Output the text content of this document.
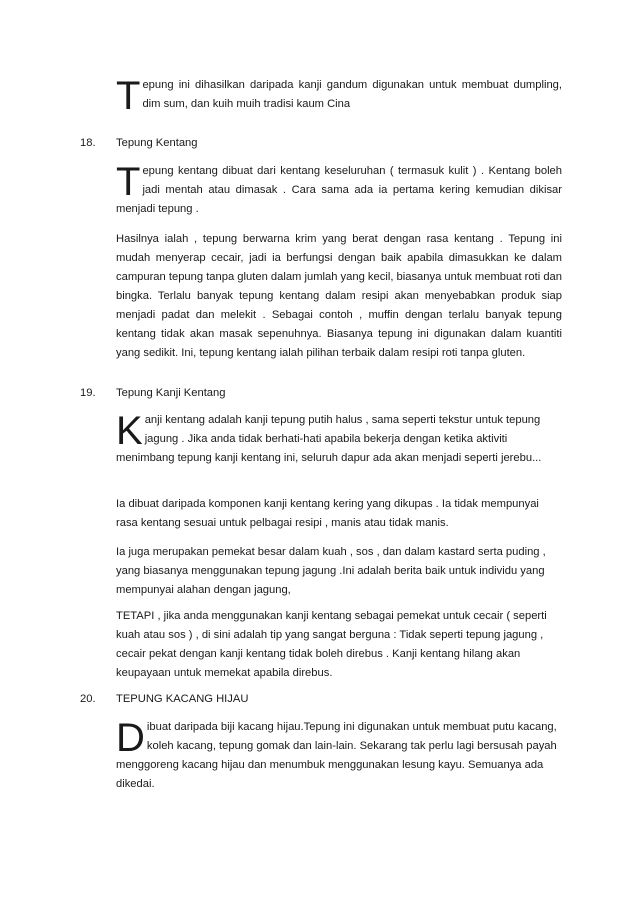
Tepung ini dihasilkan daripada kanji gandum digunakan untuk membuat dumpling, dim sum, dan kuih muih tradisi kaum Cina

18. Tepung Kentang

Tepung kentang dibuat dari kentang keseluruhan ( termasuk kulit ) . Kentang boleh jadi mentah atau dimasak . Cara sama ada ia pertama kering kemudian dikisar menjadi tepung .

Hasilnya ialah , tepung berwarna krim yang berat dengan rasa kentang . Tepung ini mudah menyerap cecair, jadi ia berfungsi dengan baik apabila dimasukkan ke dalam campuran tepung tanpa gluten dalam jumlah yang kecil, biasanya untuk membuat roti dan bingka. Terlalu banyak tepung kentang dalam resipi akan menyebabkan produk siap menjadi padat dan melekit . Sebagai contoh , muffin dengan terlalu banyak tepung kentang tidak akan masak sepenuhnya. Biasanya tepung ini digunakan dalam kuantiti yang sedikit. Ini, tepung kentang ialah pilihan terbaik dalam resipi roti tanpa gluten.

19. Tepung Kanji Kentang

Kanji kentang adalah kanji tepung putih halus , sama seperti tekstur untuk tepung jagung . Jika anda tidak berhati-hati apabila bekerja dengan ketika aktiviti menimbang tepung kanji kentang ini, seluruh dapur ada akan menjadi seperti jerebu...

Ia dibuat daripada komponen kanji kentang kering yang dikupas . Ia tidak mempunyai rasa kentang sesuai untuk pelbagai resipi , manis atau tidak manis.

Ia juga merupakan pemekat besar dalam kuah , sos , dan dalam kastard serta puding , yang biasanya menggunakan tepung jagung .Ini adalah berita baik untuk individu yang mempunyai alahan dengan jagung,

TETAPI , jika anda menggunakan kanji kentang sebagai pemekat untuk cecair ( seperti kuah atau sos ) , di sini adalah tip yang sangat berguna : Tidak seperti tepung jagung , cecair pekat dengan kanji kentang tidak boleh direbus . Kanji kentang hilang akan keupayaan untuk memekat apabila direbus.

20. TEPUNG KACANG HIJAU

Dibuat daripada biji kacang hijau.Tepung ini digunakan untuk membuat putu kacang, koleh kacang, tepung gomak dan lain-lain. Sekarang tak perlu lagi bersusah payah menggoreng kacang hijau dan menumbuk menggunakan lesung kayu. Semuanya ada dikedai.
